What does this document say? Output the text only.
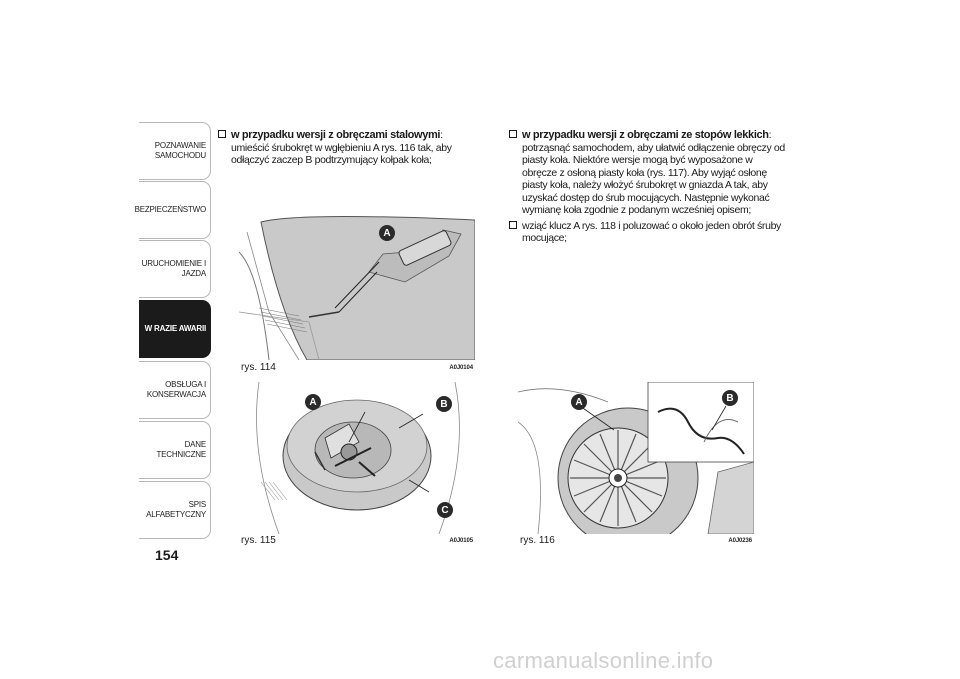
POZNAWANIE
SAMOCHODU
BEZPIECZEŃSTWO
URUCHOMIENIE I
JAZDA
W RAZIE AWARII
OBSŁUGA I
KONSERWACJA
DANE TECHNICZNE
SPIS ALFABETYCZNY
154

w przypadku wersji z obręczami stalowymi: umieścić śrubokręt w wgłębieniu A rys. 116 tak, aby odłączyć zaczep B podtrzymujący kołpak koła;

w przypadku wersji z obręczami ze stopów lekkich: potrząsnąć samochodem, aby ułatwić odłączenie obręczy od piasty koła. Niektóre wersje mogą być wyposażone w obręcze z osłoną piasty koła (rys. 117). Aby wyjąć osłonę piasty koła, należy włożyć śrubokręt w gniazda A tak, aby uzyskać dostęp do śrub mocujących. Następnie wykonać wymianę koła zgodnie z podanym wcześniej opisem;

wziąć klucz A rys. 118 i poluzować o około jeden obrót śruby mocujące;

A
rys. 114	A0J0104
A	B
C
rys. 115	A0J0105
A	B
rys. 116	A0J0236
carmanualsonline.info
